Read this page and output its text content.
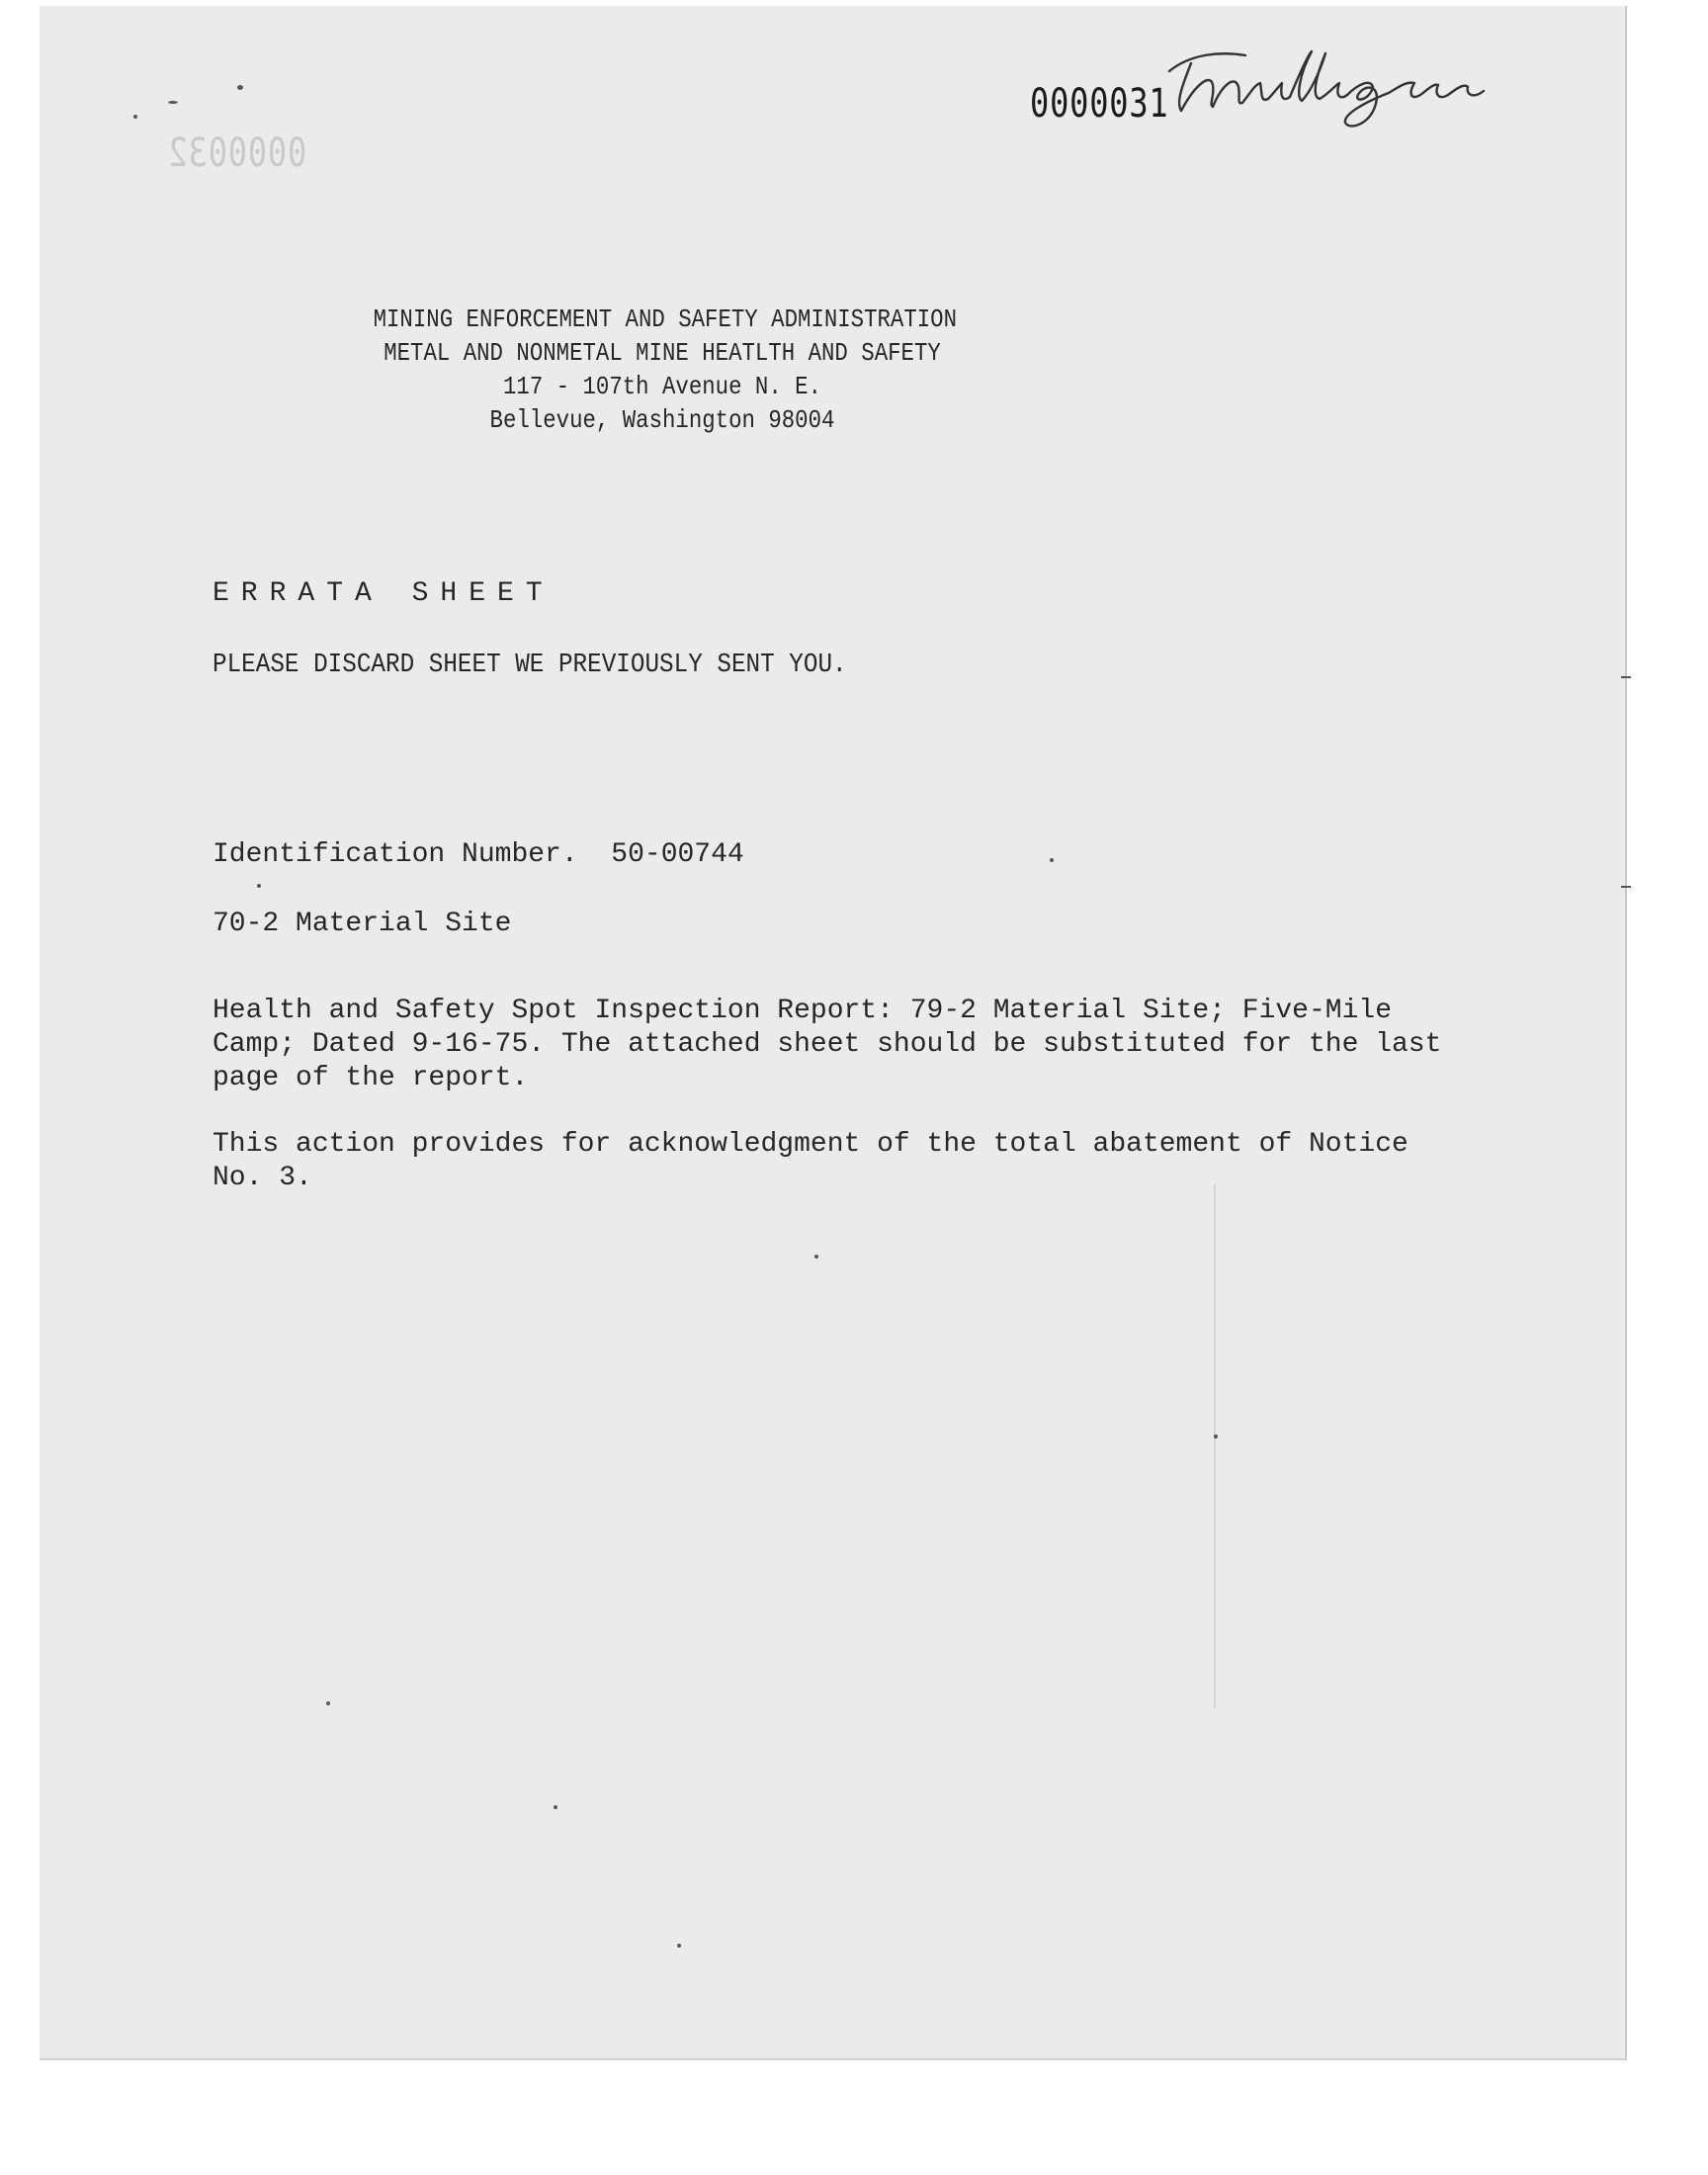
0000032
0000031
MINING ENFORCEMENT AND SAFETY ADMINISTRATION
METAL AND NONMETAL MINE HEATLTH AND SAFETY
117 - 107th Avenue N. E.
Bellevue, Washington 98004
ERRATA SHEET
PLEASE DISCARD SHEET WE PREVIOUSLY SENT YOU.
Identification Number. 50-00744
70-2 Material Site
Health and Safety Spot Inspection Report: 79-2 Material Site; Five-Mile
Camp; Dated 9-16-75. The attached sheet should be substituted for the last
page of the report.
This action provides for acknowledgment of the total abatement of Notice
No. 3.
